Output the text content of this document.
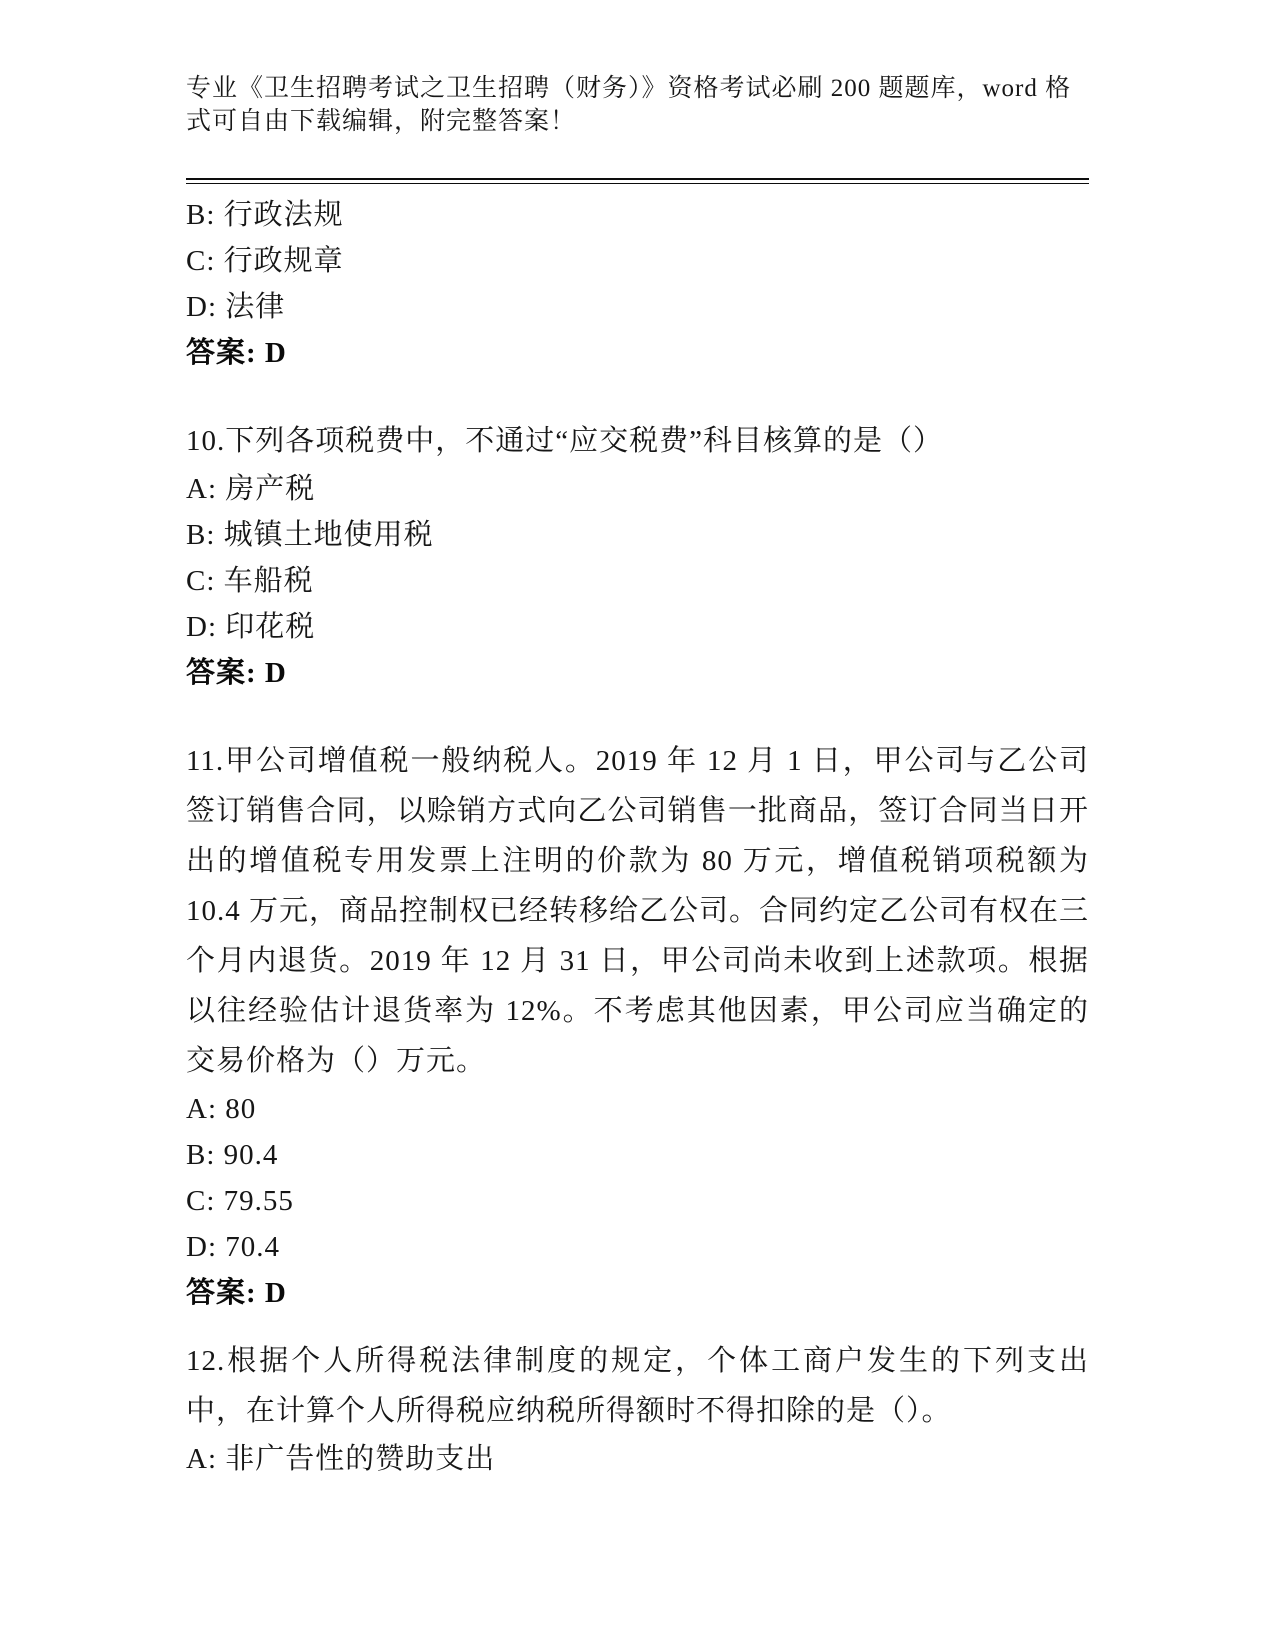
专业《卫生招聘考试之卫生招聘（财务）》资格考试必刷 200 题题库，word 格式可自由下载编辑，附完整答案！

B: 行政法规

C: 行政规章

D: 法律

答案: D

10.下列各项税费中，不通过“应交税费”科目核算的是（）

A: 房产税

B: 城镇土地使用税

C: 车船税

D: 印花税

答案: D

11.甲公司增值税一般纳税人。2019 年 12 月 1 日，甲公司与乙公司签订销售合同，以赊销方式向乙公司销售一批商品，签订合同当日开出的增值税专用发票上注明的价款为 80 万元，增值税销项税额为 10.4 万元，商品控制权已经转移给乙公司。合同约定乙公司有权在三个月内退货。2019 年 12 月 31 日，甲公司尚未收到上述款项。根据以往经验估计退货率为 12%。不考虑其他因素，甲公司应当确定的交易价格为（）万元。

A: 80

B: 90.4

C: 79.55

D: 70.4

答案: D

12.根据个人所得税法律制度的规定，个体工商户发生的下列支出中，在计算个人所得税应纳税所得额时不得扣除的是（）。

A: 非广告性的赞助支出
